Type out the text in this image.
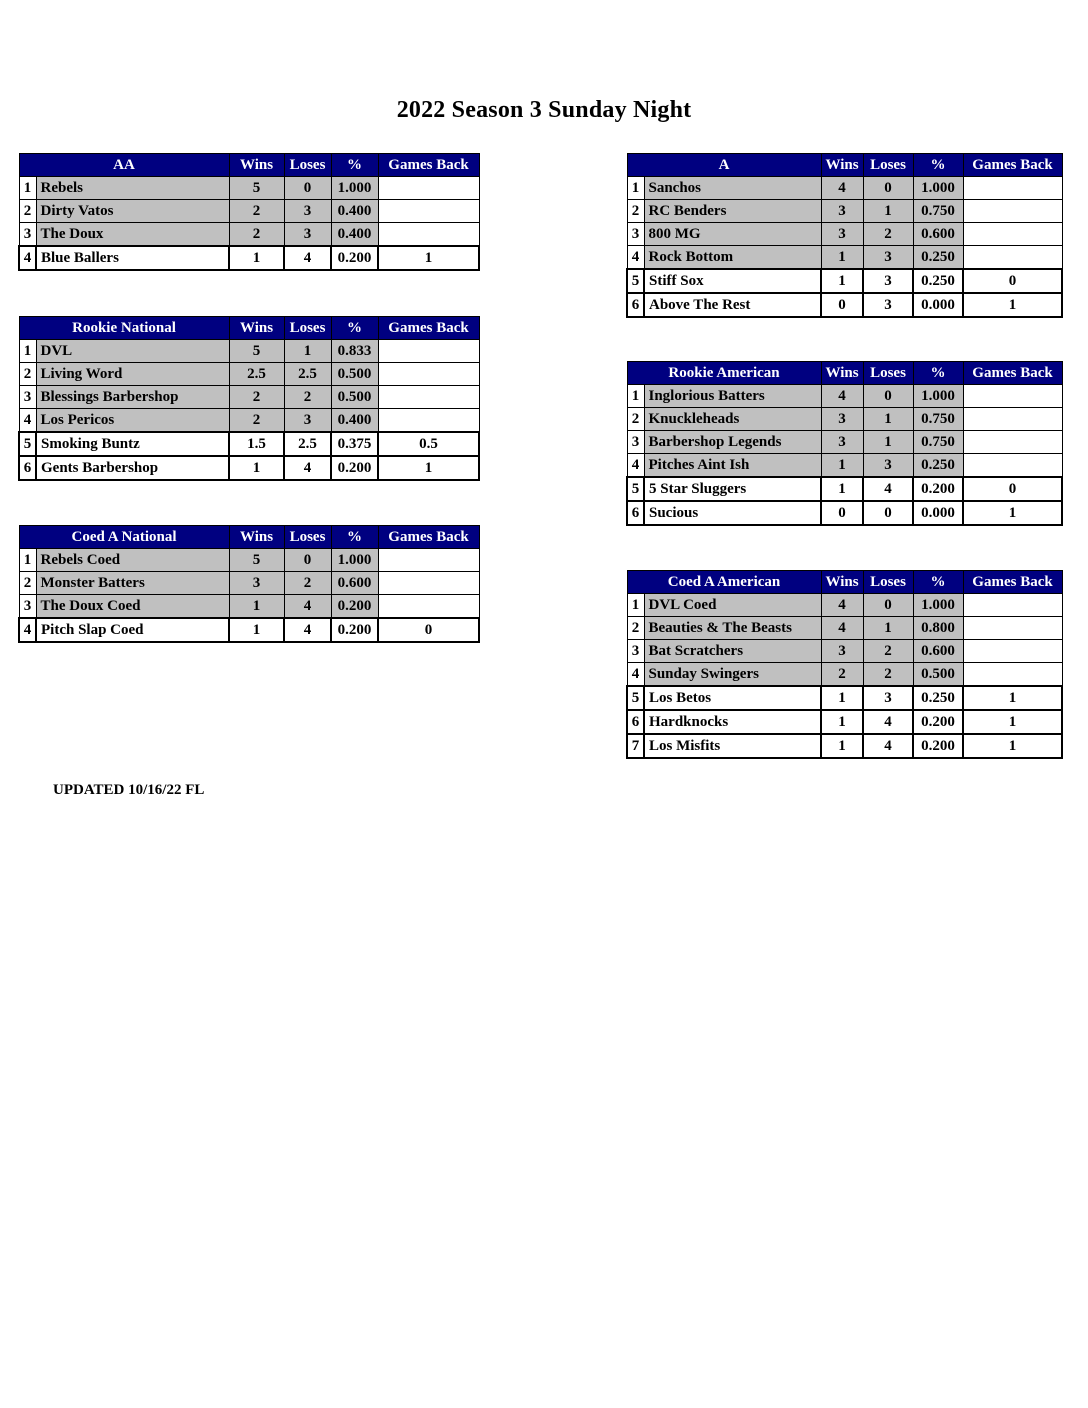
2022 Season 3 Sunday Night
AA		Wins	Loses	%	Games Back
1	Rebels	5	0	1.000	
2	Dirty Vatos	2	3	0.400	
3	The Doux	2	3	0.400	
4	Blue Ballers	1	4	0.200	1
A		Wins	Loses	%	Games Back
1	Sanchos	4	0	1.000	
2	RC Benders	3	1	0.750	
3	800 MG	3	2	0.600	
4	Rock Bottom	1	3	0.250	
5	Stiff Sox	1	3	0.250	0
6	Above The Rest	0	3	0.000	1
Rookie National		Wins	Loses	%	Games Back
1	DVL	5	1	0.833	
2	Living Word	2.5	2.5	0.500	
3	Blessings Barbershop	2	2	0.500	
4	Los Pericos	2	3	0.400	
5	Smoking Buntz	1.5	2.5	0.375	0.5
6	Gents Barbershop	1	4	0.200	1
Rookie American		Wins	Loses	%	Games Back
1	Inglorious Batters	4	0	1.000	
2	Knuckleheads	3	1	0.750	
3	Barbershop Legends	3	1	0.750	
4	Pitches Aint Ish	1	3	0.250	
5	5 Star Sluggers	1	4	0.200	0
6	Sucious	0	0	0.000	1
Coed A National		Wins	Loses	%	Games Back
1	Rebels Coed	5	0	1.000	
2	Monster Batters	3	2	0.600	
3	The Doux Coed	1	4	0.200	
4	Pitch Slap Coed	1	4	0.200	0
Coed A American		Wins	Loses	%	Games Back
1	DVL Coed	4	0	1.000	
2	Beauties & The Beasts	4	1	0.800	
3	Bat Scratchers	3	2	0.600	
4	Sunday Swingers	2	2	0.500	
5	Los Betos	1	3	0.250	1
6	Hardknocks	1	4	0.200	1
7	Los Misfits	1	4	0.200	1
UPDATED 10/16/22 FL
